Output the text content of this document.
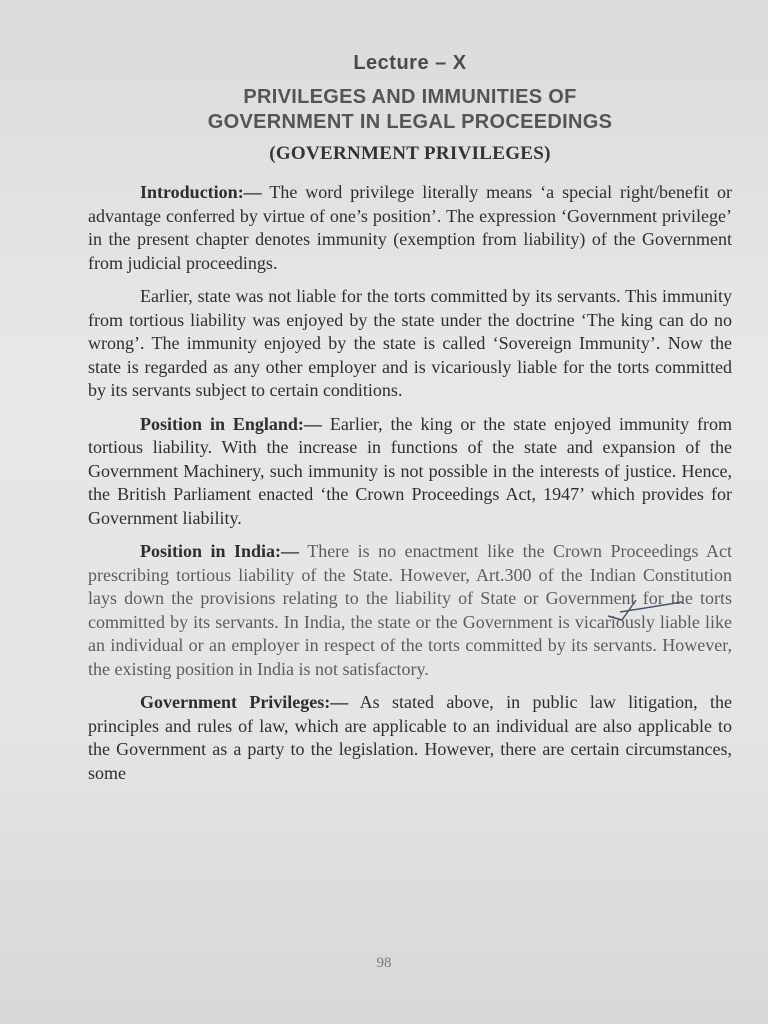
Lecture – X
PRIVILEGES AND IMMUNITIES OF
GOVERNMENT IN LEGAL PROCEEDINGS
(GOVERNMENT PRIVILEGES)

Introduction:— The word privilege literally means ‘a special right/benefit or advantage conferred by virtue of one’s position’. The expression ‘Government privilege’ in the present chapter denotes immunity (exemption from liability) of the Government from judicial proceedings.

Earlier, state was not liable for the torts committed by its servants. This immunity from tortious liability was enjoyed by the state under the doctrine ‘The king can do no wrong’. The immunity enjoyed by the state is called ‘Sovereign Immunity’. Now the state is regarded as any other employer and is vicariously liable for the torts committed by its servants subject to certain conditions.

Position in England:— Earlier, the king or the state enjoyed immunity from tortious liability. With the increase in functions of the state and expansion of the Government Machinery, such immunity is not possible in the interests of justice. Hence, the British Parliament enacted ‘the Crown Proceedings Act, 1947’ which provides for Government liability.

Position in India:— There is no enactment like the Crown Proceedings Act prescribing tortious liability of the State. However, Art.300 of the Indian Constitution lays down the provisions relating to the liability of State or Government for the torts committed by its servants. In India, the state or the Government is vicariously liable like an individual or an employer in respect of the torts committed by its servants. However, the existing position in India is not satisfactory.

Government Privileges:— As stated above, in public law litigation, the principles and rules of law, which are applicable to an individual are also applicable to the Government as a party to the legislation. However, there are certain circumstances, some

98
